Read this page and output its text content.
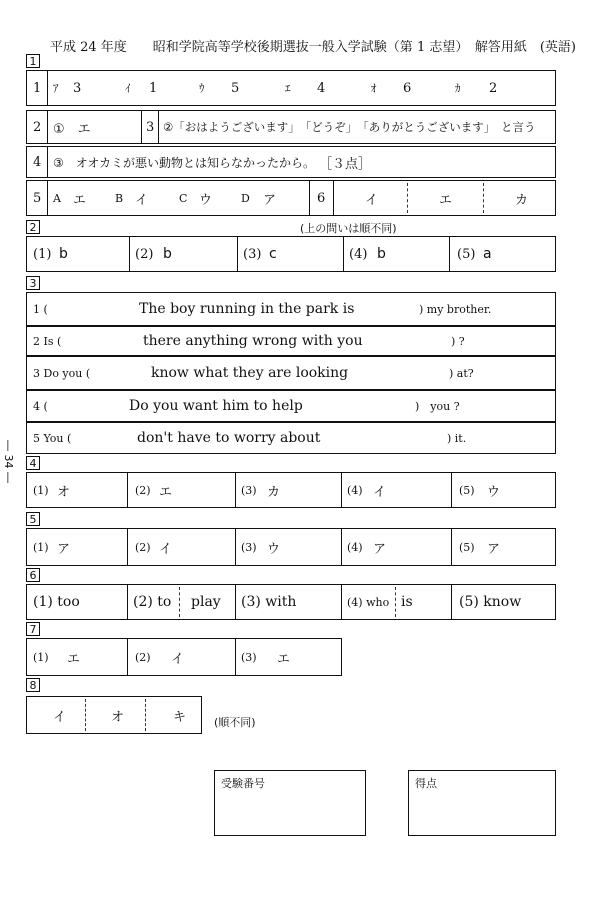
平成 24 年度　　昭和学院高等学校後期選抜一般入学試験（第 1 志望）　解答用紙　(英語)
― 34 ―
1
1 ｱ 3	ｲ 1	ｳ 5	ｴ 4	ｵ 6	ｶ 2
2 ①　エ	3 ②「おはようございます」　「どうぞ」　「ありがとうございます」　と言う
4 ③　オオカミが悪い動物とは知らなかったから。 ［３点］
5 A エ	B イ	C ウ	D ア	6	イ	エ	カ
2	(上の問いは順不同)
(1) b	(2) b	(3) c	(4) b	(5) a
3
1 (	The boy running in the park is	) my brother.
2 Is (	there anything wrong with you	) ?
3 Do you (	know what they are looking	) at?
4 (	Do you want him to help	)　you ?
5 You (	don't have to worry about	) it.
4
(1) オ	(2) エ	(3) カ	(4) イ	(5) ウ
5
(1) ア	(2) イ	(3) ウ	(4) ア	(5) ア
6
(1) too	(2) to play (3) with	(4) who is	(5) know
7
(1) エ	(2) イ	(3) エ
8
イ	オ	キ	(順不同)
受験番号	得点
